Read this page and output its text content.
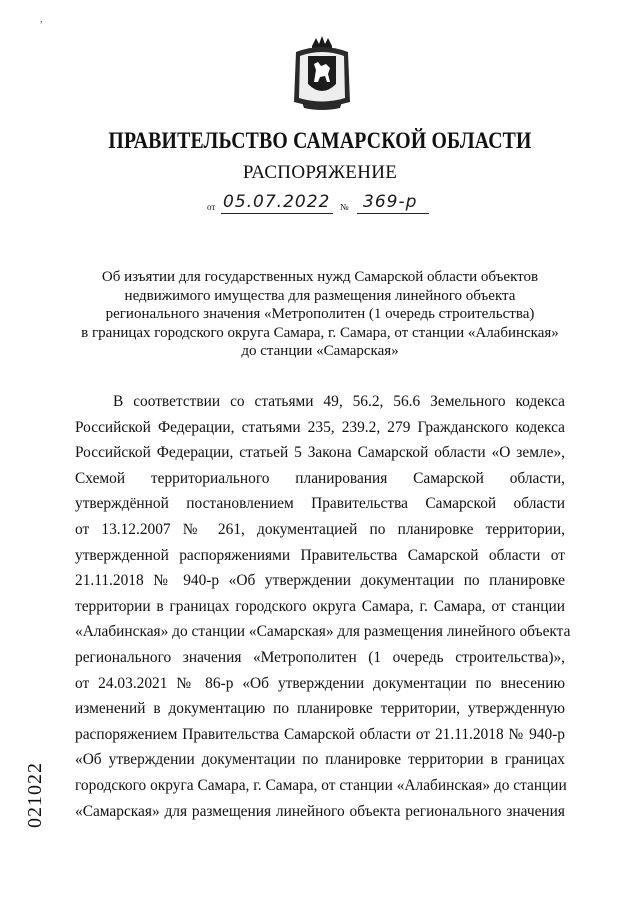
,
ПРАВИТЕЛЬСТВО САМАРСКОЙ ОБЛАСТИ
РАСПОРЯЖЕНИЕ
от 05.07.2022 № 369-р
Об изъятии для государственных нужд Самарской области объектов
недвижимого имущества для размещения линейного объекта
регионального значения «Метрополитен (1 очередь строительства)
в границах городского округа Самара, г. Самара, от станции «Алабинская»
до станции «Самарская»
В соответствии со статьями 49, 56.2, 56.6 Земельного кодекса
Российской Федерации, статьями 235, 239.2, 279 Гражданского кодекса
Российской Федерации, статьей 5 Закона Самарской области «О земле»,
Схемой территориального планирования Самарской области,
утверждённой постановлением Правительства Самарской области
от 13.12.2007 № 261, документацией по планировке территории,
утвержденной распоряжениями Правительства Самарской области от
21.11.2018 № 940-р «Об утверждении документации по планировке
территории в границах городского округа Самара, г. Самара, от станции
«Алабинская» до станции «Самарская» для размещения линейного объекта
регионального значения «Метрополитен (1 очередь строительства)»,
от 24.03.2021 № 86-р «Об утверждении документации по внесению
изменений в документацию по планировке территории, утвержденную
распоряжением Правительства Самарской области от 21.11.2018 № 940-р
«Об утверждении документации по планировке территории в границах
городского округа Самара, г. Самара, от станции «Алабинская» до станции
«Самарская» для размещения линейного объекта регионального значения
021022
